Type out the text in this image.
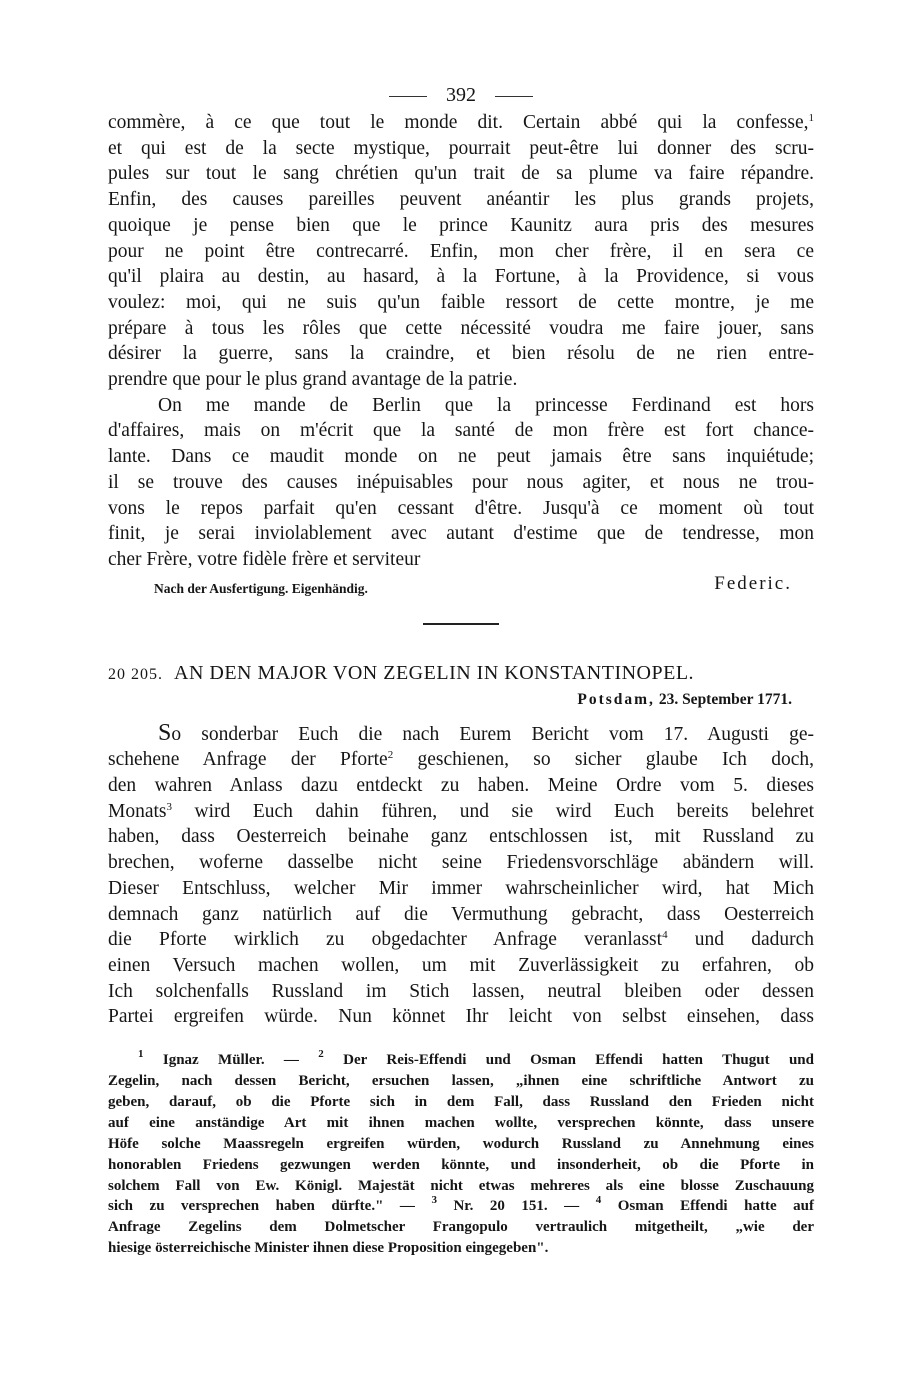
392
commère, à ce que tout le monde dit. Certain abbé qui la confesse,$^1$
et qui est de la secte mystique, pourrait peut-être lui donner des scru-
pules sur tout le sang chrétien qu'un trait de sa plume va faire répandre.
Enfin, des causes pareilles peuvent anéantir les plus grands projets,
quoique je pense bien que le prince Kaunitz aura pris des mesures
pour ne point être contrecarré. Enfin, mon cher frère, il en sera ce
qu'il plaira au destin, au hasard, à la Fortune, à la Providence, si vous
voulez: moi, qui ne suis qu'un faible ressort de cette montre, je me
prépare à tous les rôles que cette nécessité voudra me faire jouer, sans
désirer la guerre, sans la craindre, et bien résolu de ne rien entre-
prendre que pour le plus grand avantage de la patrie.
On me mande de Berlin que la princesse Ferdinand est hors
d'affaires, mais on m'écrit que la santé de mon frère est fort chance-
lante. Dans ce maudit monde on ne peut jamais être sans inquiétude;
il se trouve des causes inépuisables pour nous agiter, et nous ne trou-
vons le repos parfait qu'en cessant d'être. Jusqu'à ce moment où tout
finit, je serai inviolablement avec autant d'estime que de tendresse, mon
cher Frère, votre fidèle frère et serviteur
Nach der Ausfertigung. Eigenhändig.	Federic.
20 205. AN DEN MAJOR VON ZEGELIN IN KONSTANTINOPEL.
Potsdam, 23. September 1771.
So sonderbar Euch die nach Eurem Bericht vom 17. Augusti ge-
schehene Anfrage der Pforte$^2$ geschienen, so sicher glaube Ich doch,
den wahren Anlass dazu entdeckt zu haben. Meine Ordre vom 5. dieses
Monats$^3$ wird Euch dahin führen, und sie wird Euch bereits belehret
haben, dass Oesterreich beinahe ganz entschlossen ist, mit Russland zu
brechen, woferne dasselbe nicht seine Friedensvorschläge abändern will.
Dieser Entschluss, welcher Mir immer wahrscheinlicher wird, hat Mich
demnach ganz natürlich auf die Vermuthung gebracht, dass Oesterreich
die Pforte wirklich zu obgedachter Anfrage veranlasst$^4$ und dadurch
einen Versuch machen wollen, um mit Zuverlässigkeit zu erfahren, ob
Ich solchenfalls Russland im Stich lassen, neutral bleiben oder dessen
Partei ergreifen würde. Nun könnet Ihr leicht von selbst einsehen, dass
$^1$ Ignaz Müller. — $^2$ Der Reis-Effendi und Osman Effendi hatten Thugut und
Zegelin, nach dessen Bericht, ersuchen lassen, „ihnen eine schriftliche Antwort zu
geben, darauf, ob die Pforte sich in dem Fall, dass Russland den Frieden nicht
auf eine anständige Art mit ihnen machen wollte, versprechen könnte, dass unsere
Höfe solche Maassregeln ergreifen würden, wodurch Russland zu Annehmung eines
honorablen Friedens gezwungen werden könnte, und insonderheit, ob die Pforte in
solchem Fall von Ew. Königl. Majestät nicht etwas mehreres als eine blosse Zuschauung
sich zu versprechen haben dürfte." — $^3$ Nr. 20 151. — $^4$ Osman Effendi hatte auf
Anfrage Zegelins dem Dolmetscher Frangopulo vertraulich mitgetheilt, „wie der
hiesige österreichische Minister ihnen diese Proposition eingegeben".
